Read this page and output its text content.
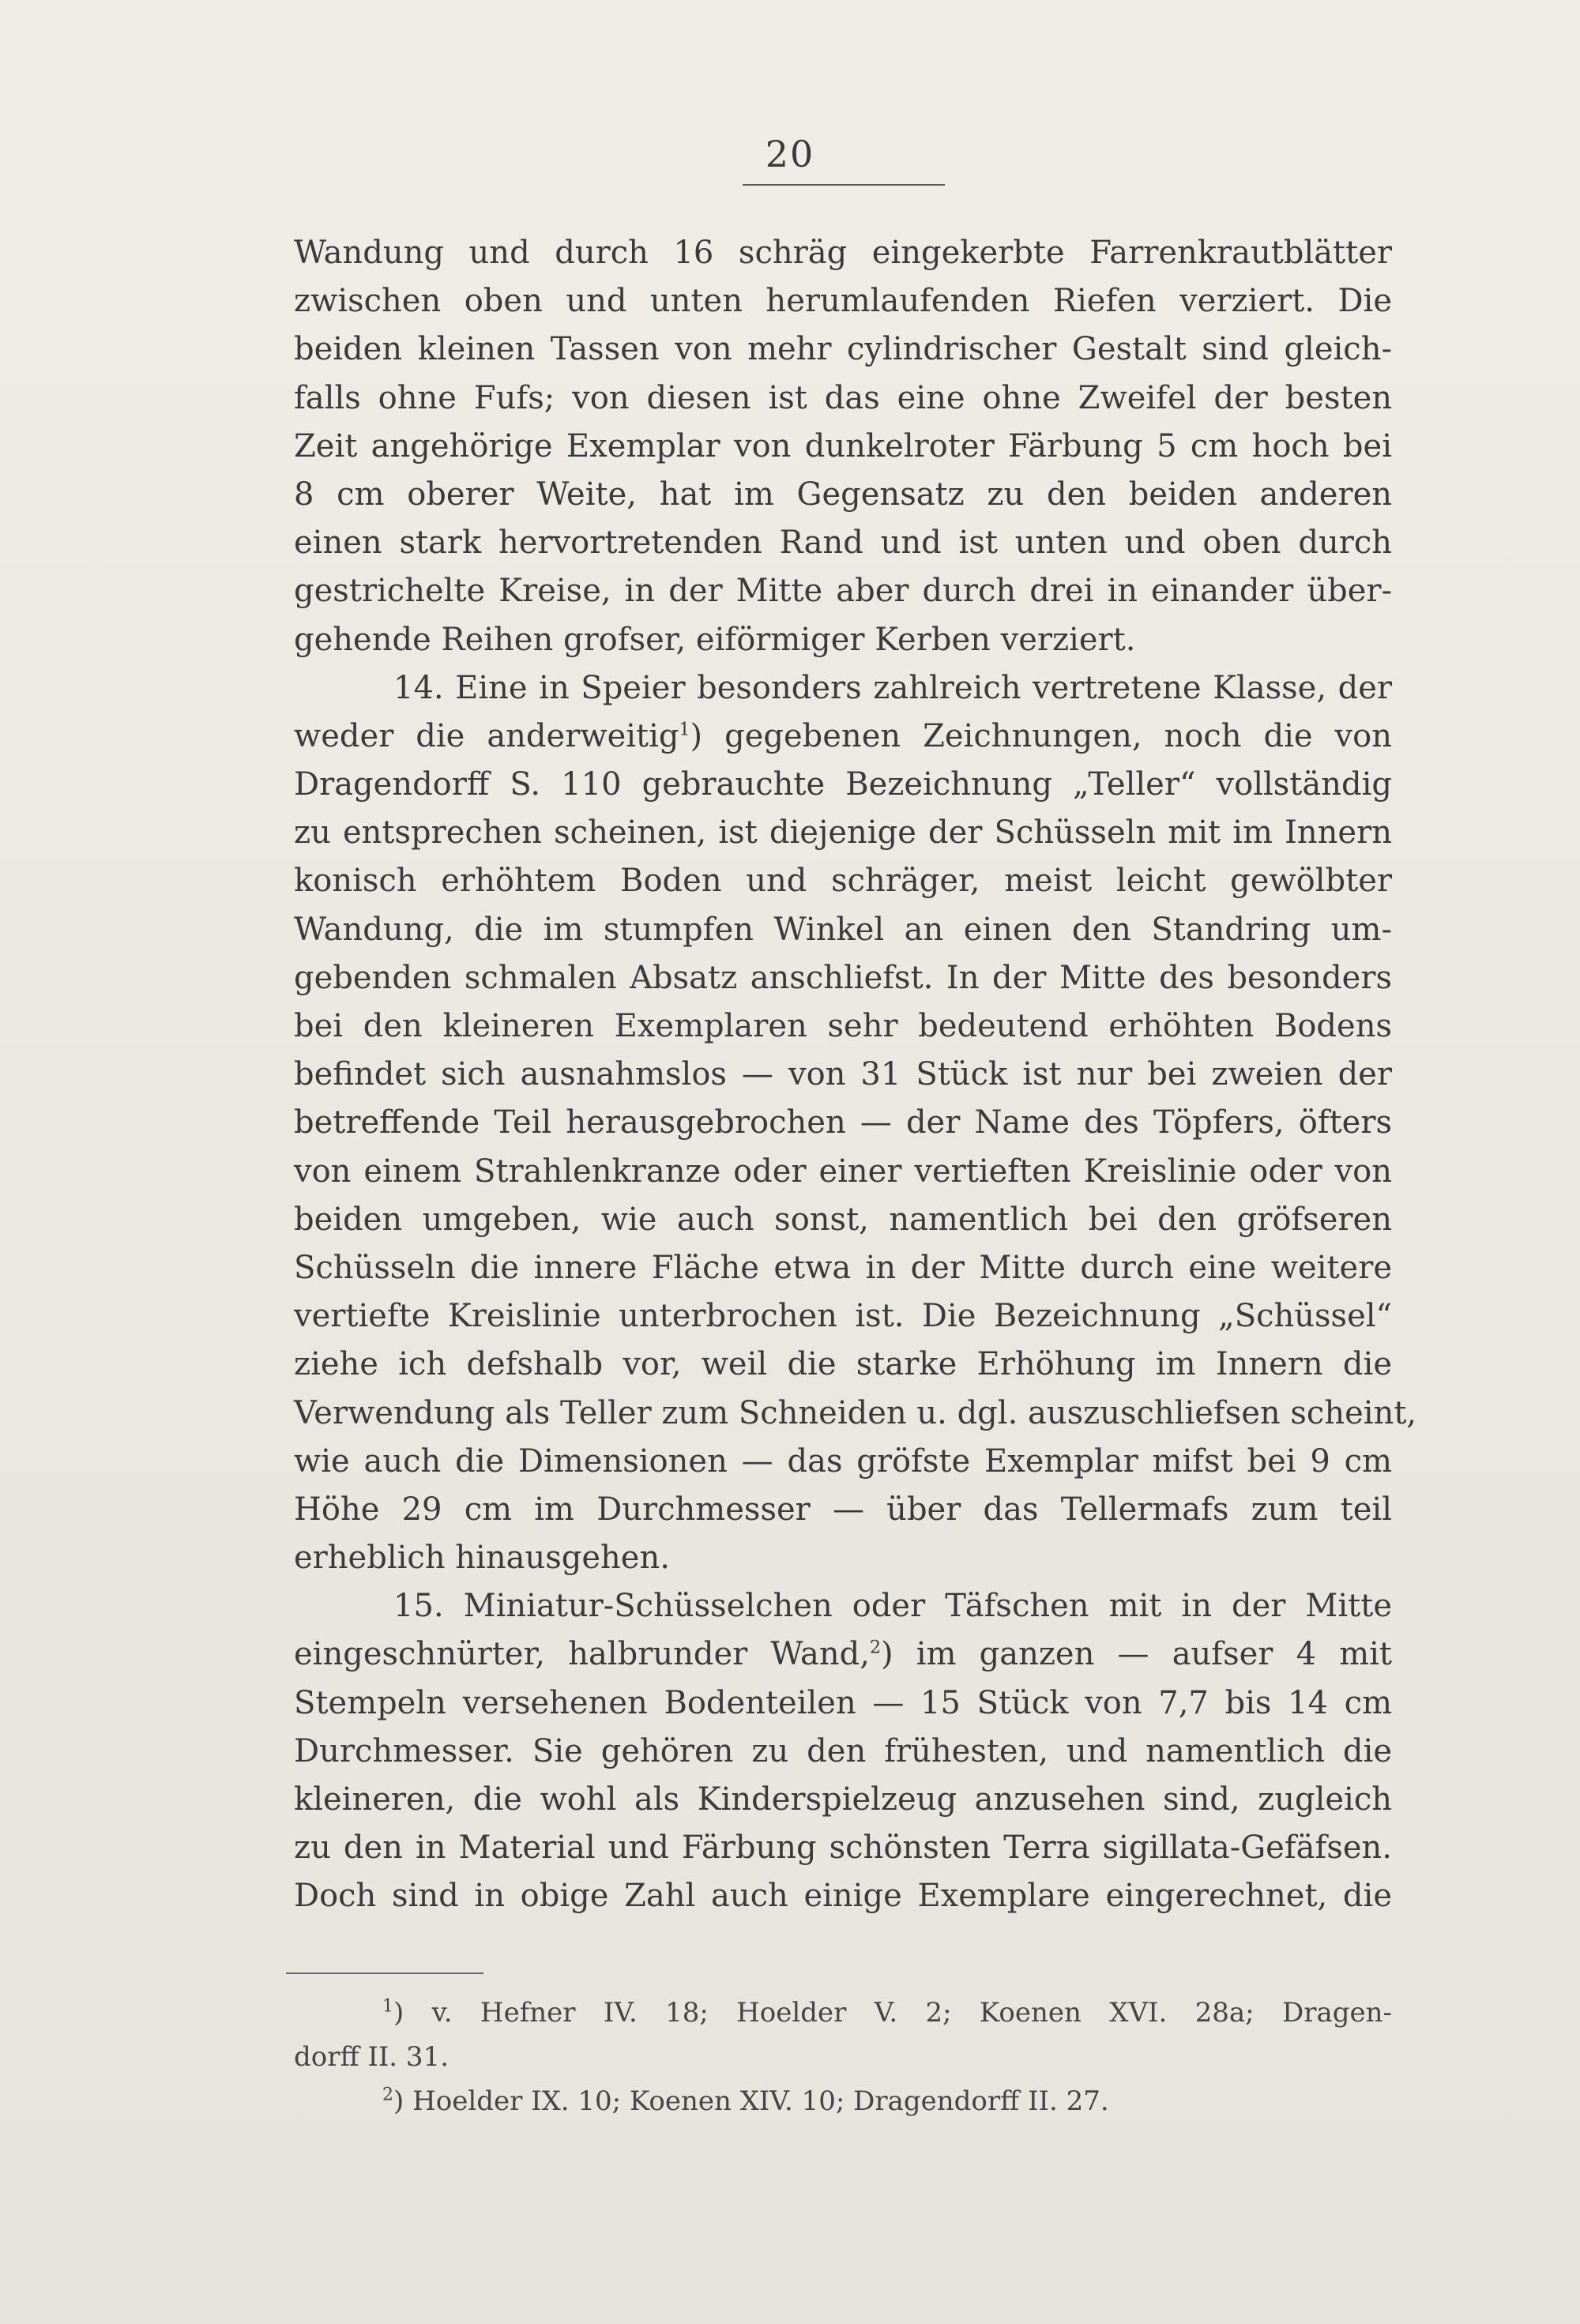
20
Wandung und durch 16 schräg eingekerbte Farrenkrautblätter
zwischen oben und unten herumlaufenden Riefen verziert. Die
beiden kleinen Tassen von mehr cylindrischer Gestalt sind gleich-
falls ohne Fufs; von diesen ist das eine ohne Zweifel der besten
Zeit angehörige Exemplar von dunkelroter Färbung 5 cm hoch bei
8 cm oberer Weite, hat im Gegensatz zu den beiden anderen
einen stark hervortretenden Rand und ist unten und oben durch
gestrichelte Kreise, in der Mitte aber durch drei in einander über-
gehende Reihen grofser, eiförmiger Kerben verziert.
14. Eine in Speier besonders zahlreich vertretene Klasse, der
weder die anderweitig$^1$) gegebenen Zeichnungen, noch die von
Dragendorff S. 110 gebrauchte Bezeichnung „Teller“ vollständig
zu entsprechen scheinen, ist diejenige der Schüsseln mit im Innern
konisch erhöhtem Boden und schräger, meist leicht gewölbter
Wandung, die im stumpfen Winkel an einen den Standring um-
gebenden schmalen Absatz anschliefst. In der Mitte des besonders
bei den kleineren Exemplaren sehr bedeutend erhöhten Bodens
befindet sich ausnahmslos — von 31 Stück ist nur bei zweien der
betreffende Teil herausgebrochen — der Name des Töpfers, öfters
von einem Strahlenkranze oder einer vertieften Kreislinie oder von
beiden umgeben, wie auch sonst, namentlich bei den gröfseren
Schüsseln die innere Fläche etwa in der Mitte durch eine weitere
vertiefte Kreislinie unterbrochen ist. Die Bezeichnung „Schüssel“
ziehe ich defshalb vor, weil die starke Erhöhung im Innern die
Verwendung als Teller zum Schneiden u. dgl. auszuschliefsen scheint,
wie auch die Dimensionen — das gröfste Exemplar mifst bei 9 cm
Höhe 29 cm im Durchmesser — über das Tellermafs zum teil
erheblich hinausgehen.
15. Miniatur-Schüsselchen oder Täfschen mit in der Mitte
eingeschnürter, halbrunder Wand,$^2$) im ganzen — aufser 4 mit
Stempeln versehenen Bodenteilen — 15 Stück von 7,7 bis 14 cm
Durchmesser. Sie gehören zu den frühesten, und namentlich die
kleineren, die wohl als Kinderspielzeug anzusehen sind, zugleich
zu den in Material und Färbung schönsten Terra sigillata-Gefäfsen.
Doch sind in obige Zahl auch einige Exemplare eingerechnet, die
$^1$) v. Hefner IV. 18; Hoelder V. 2; Koenen XVI. 28a; Dragen-
dorff II. 31.
$^2$) Hoelder IX. 10; Koenen XIV. 10; Dragendorff II. 27.
